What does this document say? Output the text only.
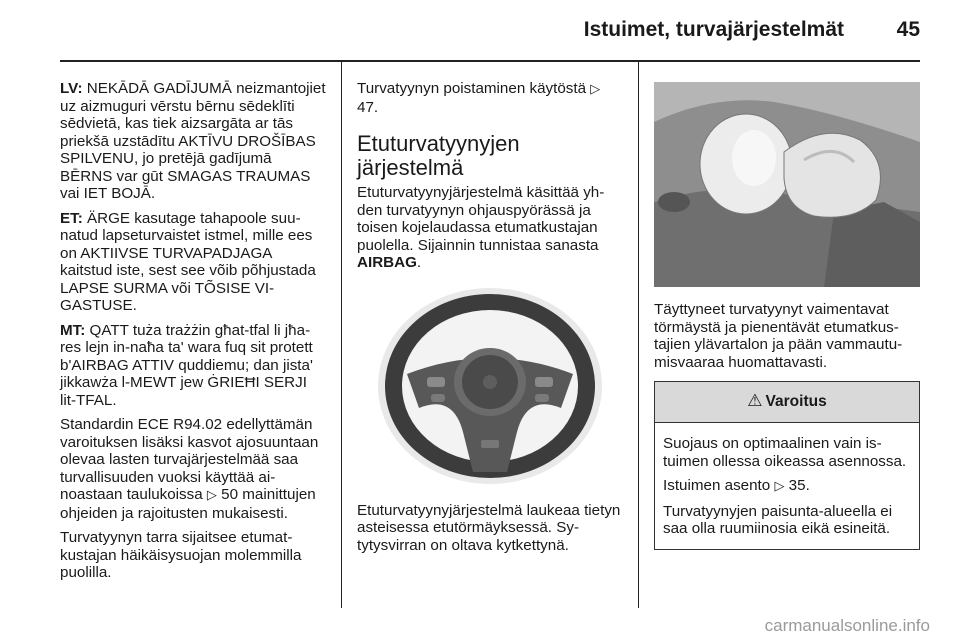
Istuimet, turvajärjestelmät	45

LV: NEKĀDĀ GADĪJUMĀ neizmantojiet uz aizmuguri vērstu bērnu sēdeklīti sēdvietā, kas tiek aizsargāta ar tās priekšā uzstādītu AKTĪVU DROŠĪBAS SPILVENU, jo pretējā gadījumā BĒRNS var gūt SMAGAS TRAUMAS vai IET BOJĀ.

ET: ÄRGE kasutage tahapoole suunatud lapseturvaistet istmel, mille ees on AKTIIVSE TURVAPADJAGA kaitstud iste, sest see võib põhjustada LAPSE SURMA või TÕSISE VIGASTUSE.

MT: QATT tuża trażżin għat-tfal li jħares lejn in-naħa ta' wara fuq sit protett b'AIRBAG ATTIV quddiemu; dan jista' jikkawża l-MEWT jew ĠRIEĦI SERJI lit-TFAL.

Standardin ECE R94.02 edellyttämän varoituksen lisäksi kasvot ajosuuntaan olevaa lasten turvajärjestelmää saa turvallisuuden vuoksi käyttää ainoastaan taulukoissa ▷ 50 mainittujen ohjeiden ja rajoitusten mukaisesti.

Turvatyynyn tarra sijaitsee etumatkustajan häikäisysuojan molemmilla puolilla.

Turvatyynyn poistaminen käytöstä ▷ 47.

Etuturvatyynyjen järjestelmä

Etuturvatyynyjärjestelmä käsittää yhden turvatyynyn ohjauspyörässä ja toisen kojelaudassa etumatkustajan puolella. Sijainnin tunnistaa sanasta AIRBAG.

Etuturvatyynyjärjestelmä laukeaa tietyn asteisessa etutörmäyksessä. Sytytysvirran on oltava kytkettynä.

Täyttyneet turvatyynyt vaimentavat törmäystä ja pienentävät etumatkustajien ylävartalon ja pään vammautumisvaaraa huomattavasti.

⚠ Varoitus

Suojaus on optimaalinen vain istuimen ollessa oikeassa asennossa.

Istuimen asento ▷ 35.

Turvatyynyjen paisunta-alueella ei saa olla ruumiinosia eikä esineitä.

carmanualsonline.info
